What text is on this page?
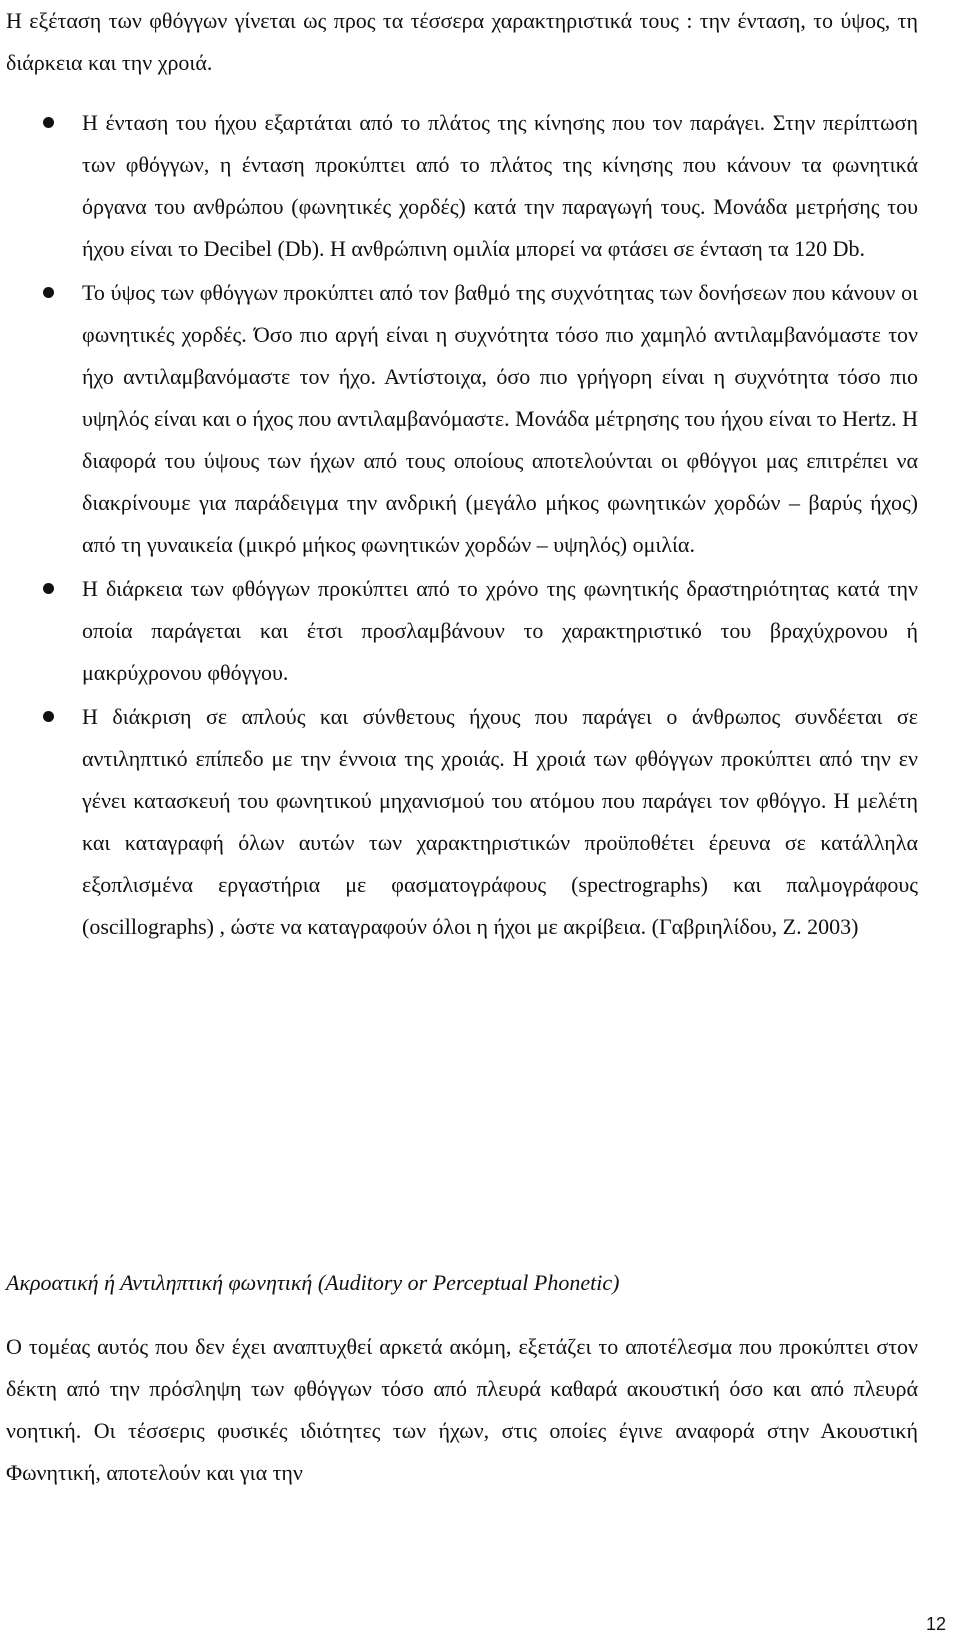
Η εξέταση των φθόγγων γίνεται ως προς τα τέσσερα χαρακτηριστικά τους : την ένταση, το ύψος, τη διάρκεια και την χροιά.

Η ένταση του ήχου εξαρτάται από το πλάτος της κίνησης που τον παράγει. Στην περίπτωση των φθόγγων, η ένταση προκύπτει από το πλάτος της κίνησης που κάνουν τα φωνητικά όργανα του ανθρώπου (φωνητικές χορδές) κατά την παραγωγή τους. Μονάδα μετρήσης του ήχου είναι το Decibel (Db). Η ανθρώπινη ομιλία μπορεί να φτάσει σε ένταση τα 120 Db.
Το ύψος των φθόγγων προκύπτει από τον βαθμό της συχνότητας των δονήσεων που κάνουν οι φωνητικές χορδές. Όσο πιο αργή είναι η συχνότητα τόσο πιο χαμηλό αντιλαμβανόμαστε τον ήχο αντιλαμβανόμαστε τον ήχο. Αντίστοιχα, όσο πιο γρήγορη είναι η συχνότητα τόσο πιο υψηλός είναι και ο ήχος που αντιλαμβανόμαστε. Μονάδα μέτρησης του ήχου είναι το Hertz. Η διαφορά του ύψους των ήχων από τους οποίους αποτελούνται οι φθόγγοι μας επιτρέπει να διακρίνουμε για παράδειγμα την ανδρική (μεγάλο μήκος φωνητικών χορδών – βαρύς ήχος) από τη γυναικεία (μικρό μήκος φωνητικών χορδών – υψηλός) ομιλία.
Η διάρκεια των φθόγγων προκύπτει από το χρόνο της φωνητικής δραστηριότητας κατά την οποία παράγεται και έτσι προσλαμβάνουν το χαρακτηριστικό του βραχύχρονου ή μακρύχρονου φθόγγου.
Η διάκριση σε απλούς και σύνθετους ήχους που παράγει ο άνθρωπος συνδέεται σε αντιληπτικό επίπεδο με την έννοια της χροιάς. Η χροιά των φθόγγων προκύπτει από την εν γένει κατασκευή του φωνητικού μηχανισμού του ατόμου που παράγει τον φθόγγο. Η μελέτη και καταγραφή όλων αυτών των χαρακτηριστικών προϋποθέτει έρευνα σε κατάλληλα εξοπλισμένα εργαστήρια με φασματογράφους (spectrographs) και παλμογράφους (oscillographs) , ώστε να καταγραφούν όλοι η ήχοι με ακρίβεια. (Γαβριηλίδου, Ζ. 2003)
Ακροατική ή Αντιληπτική φωνητική (Auditory or Perceptual Phonetic)

Ο τομέας αυτός που δεν έχει αναπτυχθεί αρκετά ακόμη, εξετάζει το αποτέλεσμα που προκύπτει στον δέκτη από την πρόσληψη των φθόγγων τόσο από πλευρά καθαρά ακουστική όσο και από πλευρά νοητική. Οι τέσσερις φυσικές ιδιότητες των ήχων, στις οποίες έγινε αναφορά στην Ακουστική Φωνητική, αποτελούν και για την

12
